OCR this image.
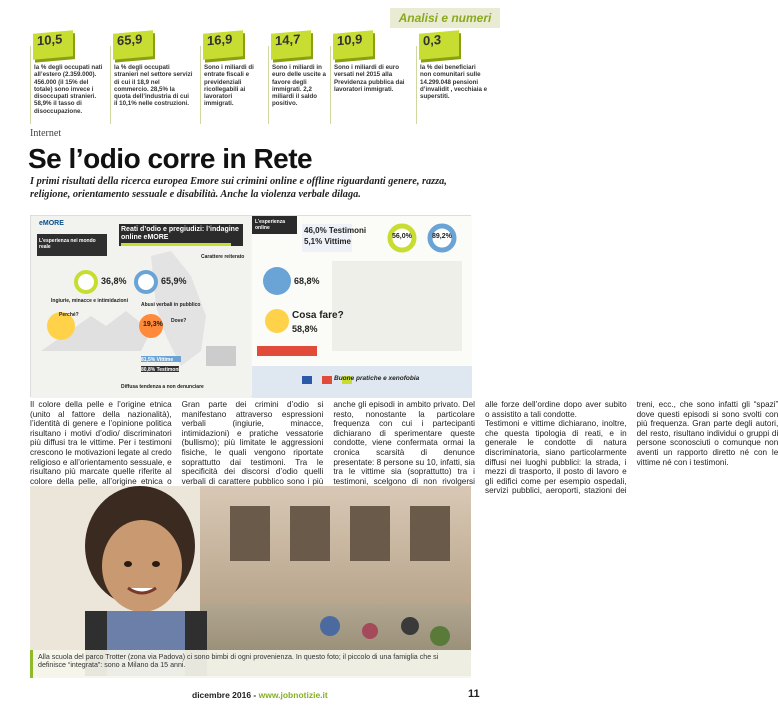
Analisi e numeri
10,5
la % degli occupati nati all’estero (2.359.000). 456.000 (il 15% del totale) sono invece i disoccupati stranieri. 58,9% il tasso di disoccupazione.
65,9
la % degli occupati stranieri nel settore servizi di cui il 18,9 nel commercio. 28,5% la quota dell’industria di cui il 10,1% nelle costruzioni.
16,9
Sono i miliardi di entrate fiscali e previdenziali ricollegabili ai lavoratori immigrati.
14,7
Sono i miliardi in euro delle uscite a favore degli immigrati. 2,2 miliardi il saldo positivo.
10,9
Sono i miliardi di euro versati nel 2015 alla Previdenza pubblica dai lavoratori immigrati.
0,3
la % dei beneficiari non comunitari sulle 14.299.048 pensioni d’invalidit , vecchiaia e superstiti.
Internet
Se l’odio corre in Rete
I primi risultati della ricerca europea Emore sui crimini online e offline riguardanti genere, razza, religione, orientamento sessuale e disabilità. Anche la violenza verbale dilaga.
eMORE
L’esperienza nei mondo reale
Reati d’odio e pregiudizi: l’indagine online eMORE
36,8%	65,9%
Ingiurie, minacce e intimidazioni
Abusi verbali in pubblico
Perché?
Dove?
Carattere reiterato
19,3%
81,5% Vittime
80,8% Testimoni
Diffusa tendenza a non denunciare
L’esperienza online	46,0% Testimoni
5,1% Vittime
56,0%	89,2%
68,8%
Cosa fare?
58,8%
Buone pratiche e xenofobia

Il colore della pelle e l’origine etnica (unito al fattore della nazionalità), l’identità di genere e l’opinione politica risultano i motivi d’odio/ discriminatori più diffusi tra le vittime. Per i testimoni crescono le motivazioni legate al credo religioso e all’orientamento sessuale, e risultano più marcate quelle riferite al colore della pelle, all’origine etnica o

Gran parte dei crimini d’odio si manifestano attraverso espressioni verbali (ingiurie, minacce, intimidazioni) e pratiche vessatorie (bullismo); più limitate le aggressioni fisiche, le quali vengono riportate soprattutto dai testimoni. Tra le specificità dei discorsi d’odio quelli verbali di carattere pubblico sono i più anche gli episodi in ambito privato. Del resto, nonostante la particolare frequenza con cui i partecipanti dichiarano di sperimentare queste condotte, viene confermata ormai la cronica scarsità di denunce presentate: 8 persone su 10, infatti, sia tra le vittime sia (soprattutto) tra i testimoni, scelgono di non rivolgersi alle forze dell’ordine dopo aver subito o assistito a tali condotte.

Testimoni e vittime dichiarano, inoltre, che questa tipologia di reati, e in generale le condotte di natura discriminatoria, siano particolarmente diffusi nei luoghi pubblici: la strada, i mezzi di trasporto, il posto di lavoro e gli edifici come per esempio ospedali, servizi pubblici, aeroporti, stazioni dei treni, ecc., che sono infatti gli “spazi” dove questi episodi si sono svolti con più frequenza. Gran parte degli autori, del resto, risultano individui o gruppi di persone sconosciuti o comunque non aventi un rapporto diretto né con le vittime né con i testimoni.

Alla scuola del parco Trotter (zona via Padova) ci sono bimbi di ogni provenienza. In questo foto; il piccolo di una famiglia che si definisce “integrata”: sono a Milano da 15 anni.
dicembre 2016 - www.jobnotizie.it	11
